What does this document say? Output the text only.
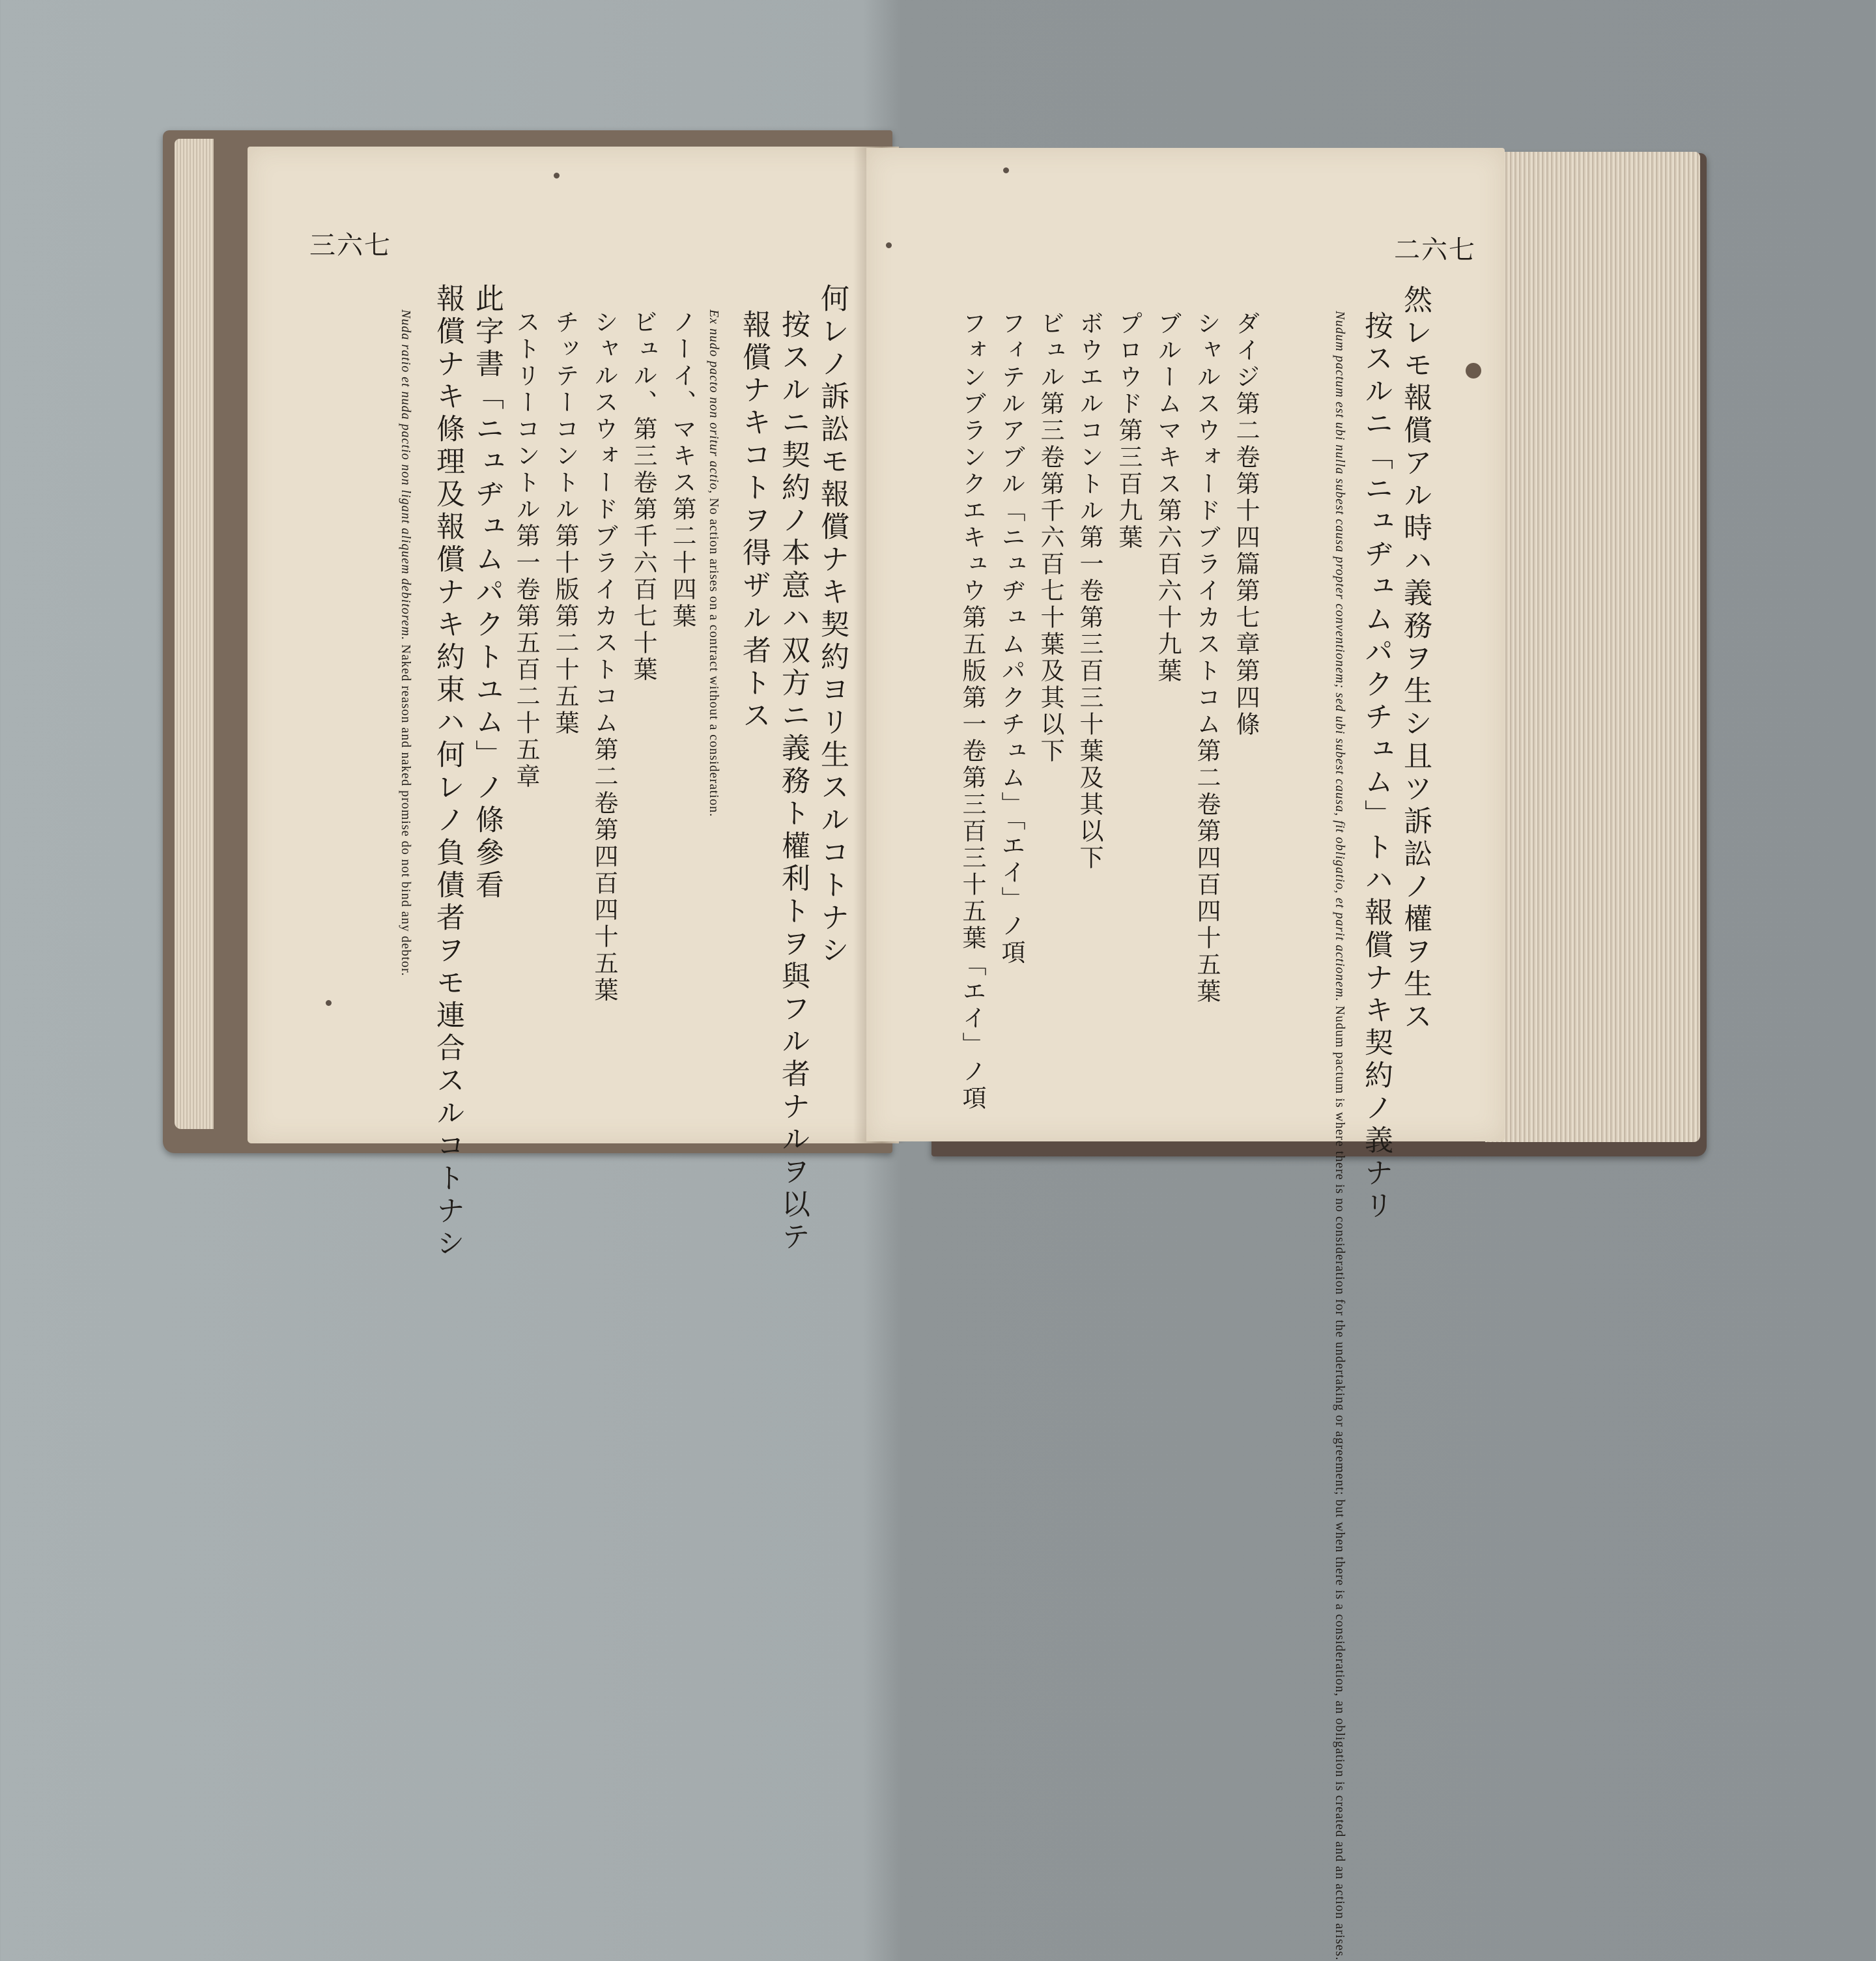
三六七
何レノ訴訟モ報償ナキ契約ヨリ生スルコトナシ
按スルニ契約ノ本意ハ双方ニ義務ト權利トヲ與フル者ナルヲ以テ
報償ナキコトヲ得ザル者トス
Ex nudo pacto non oritur actio, No action arises on a contract without a consideration.
ノーイ、マキス第二十四葉
ビュル、第三卷第千六百七十葉
シャルスウォードブライカストコム第二卷第四百四十五葉
チッテーコントル第十版第二十五葉
ストリーコントル第一卷第五百二十五章
此字書「ニュヂュムパクトユム」ノ條參看
報償ナキ條理及報償ナキ約束ハ何レノ負債者ヲモ連合スルコトナシ
Nuda ratio et nuda pactio non ligant aliquem debitorem. Naked reason and naked promise do not bind any debtor.
二六七
然レモ報償アル時ハ義務ヲ生シ且ツ訴訟ノ權ヲ生ス
按スルニ「ニュヂュムパクチュム」トハ報償ナキ契約ノ義ナリ
Nudum pactum est ubi nulla subest causa propter conventionem; sed ubi subest causa, fit obligatio, et parit actionem. Nudum pactum is where there is no consideration for the undertaking or agreement; but when there is a consideration, an obligation is created and an action arises.
ダイジ第二卷第十四篇第七章第四條
シャルスウォードブライカストコム第二卷第四百四十五葉
ブルームマキス第六百六十九葉
プロウド第三百九葉
ボウエルコントル第一卷第三百三十葉及其以下
ビュル第三卷第千六百七十葉及其以下
フィテルアブル「ニュヂュムパクチュム」「エイ」ノ項
フォンブランクエキュウ第五版第一卷第三百三十五葉「エイ」ノ項
